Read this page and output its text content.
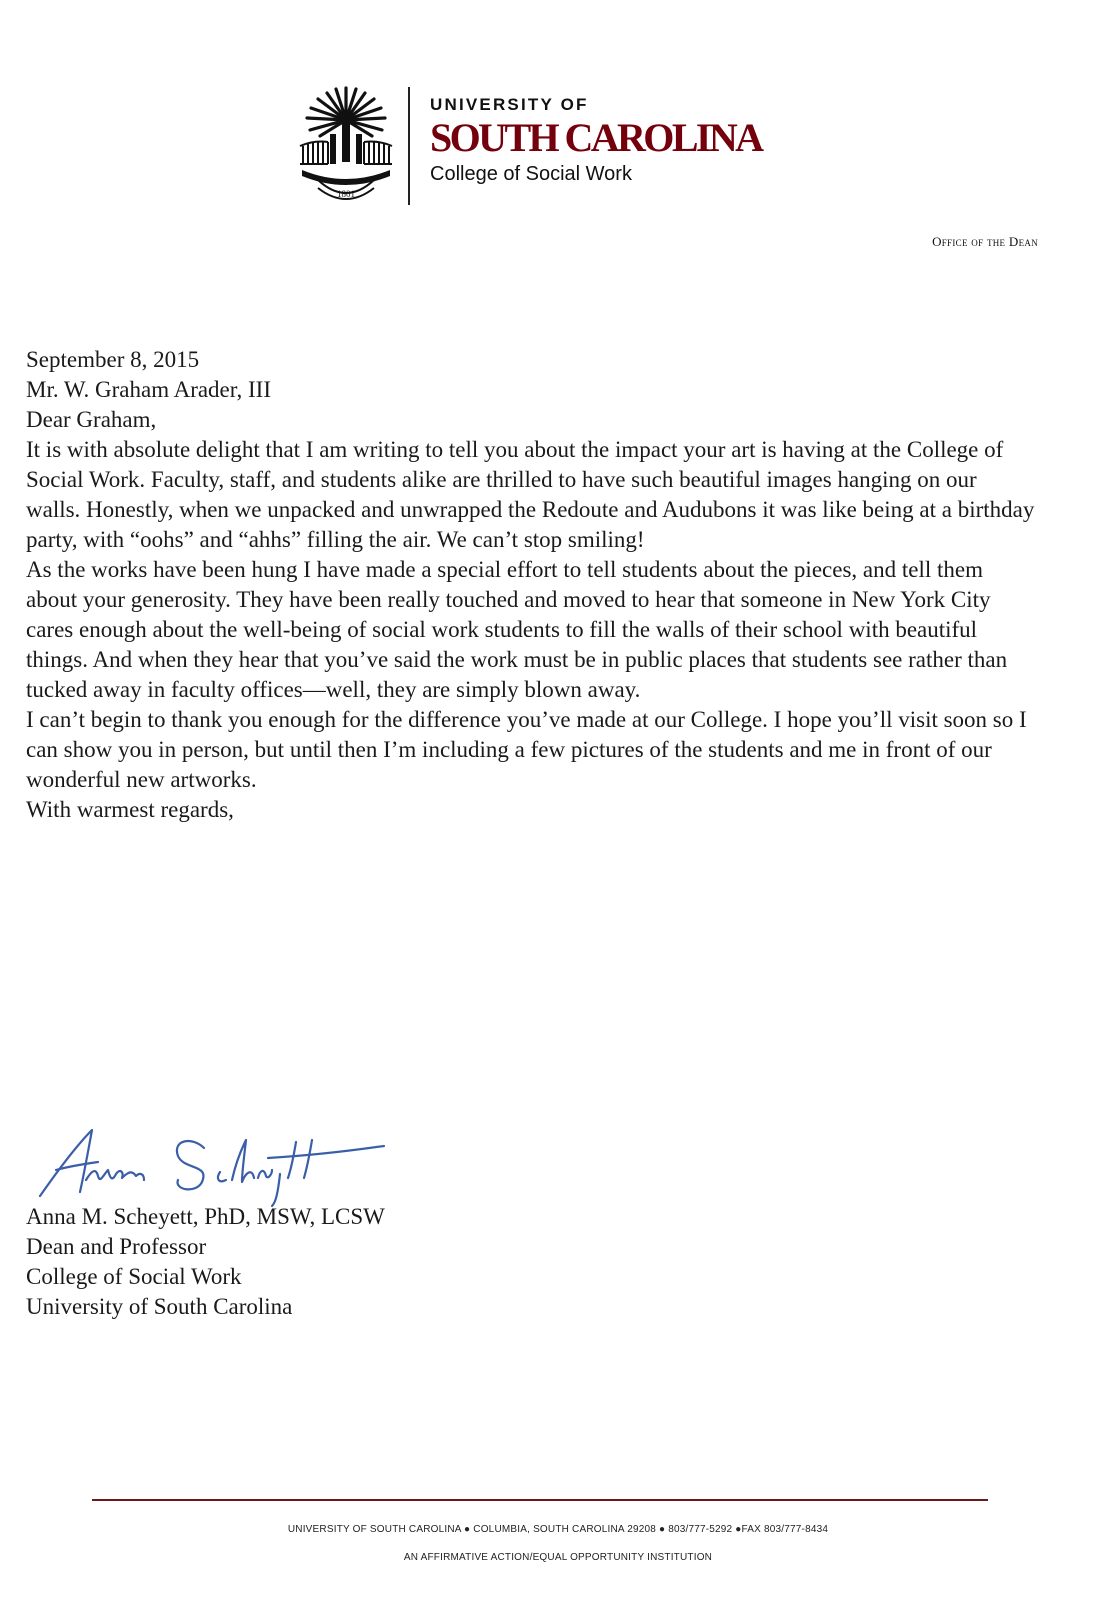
1801
UNIVERSITY OF
SOUTH CAROLINA
College of Social Work
Office of the Dean

September 8, 2015

Mr. W. Graham Arader, III

Dear Graham,

It is with absolute delight that I am writing to tell you about the impact your art is having at the College of Social Work. Faculty, staff, and students alike are thrilled to have such beautiful images hanging on our walls. Honestly, when we unpacked and unwrapped the Redoute and Audubons it was like being at a birthday party, with “oohs” and “ahhs” filling the air. We can’t stop smiling!

As the works have been hung I have made a special effort to tell students about the pieces, and tell them about your generosity. They have been really touched and moved to hear that someone in New York City cares enough about the well-being of social work students to fill the walls of their school with beautiful things. And when they hear that you’ve said the work must be in public places that students see rather than tucked away in faculty offices—well, they are simply blown away.

I can’t begin to thank you enough for the difference you’ve made at our College. I hope you’ll visit soon so I can show you in person, but until then I’m including a few pictures of the students and me in front of our wonderful new artworks.

With warmest regards,

Anna M. Scheyett, PhD, MSW, LCSW
Dean and Professor
College of Social Work
University of South Carolina
UNIVERSITY OF SOUTH CAROLINA ● COLUMBIA, SOUTH CAROLINA 29208 ● 803/777-5292 ●FAX 803/777-8434
AN AFFIRMATIVE ACTION/EQUAL OPPORTUNITY INSTITUTION
